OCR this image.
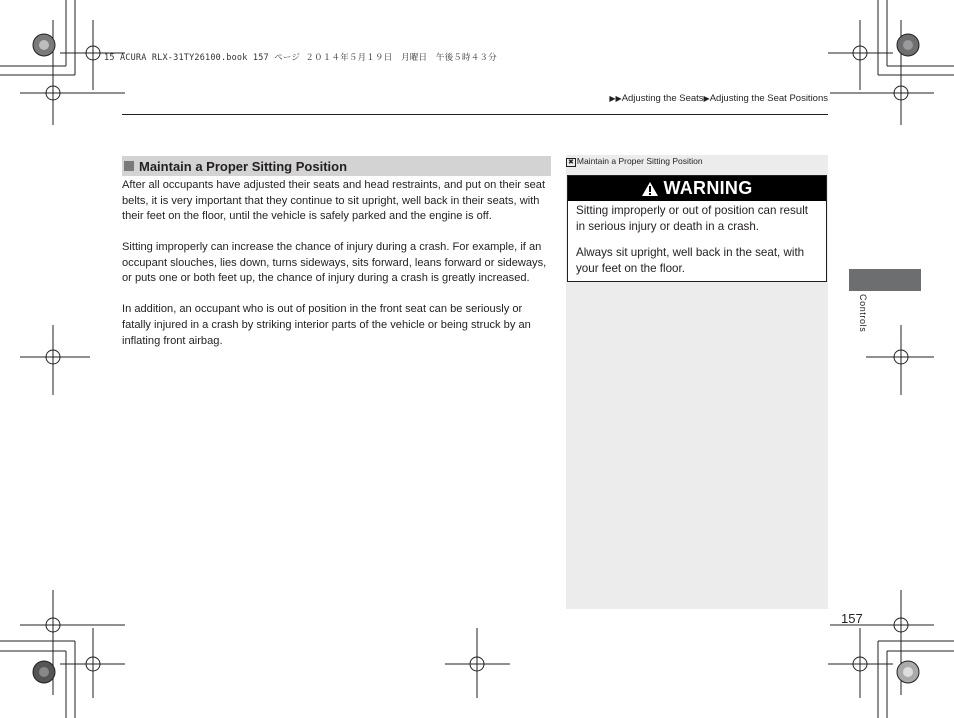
15 ACURA RLX-31TY26100.book 157 ページ ２０１４年５月１９日　月曜日　午後５時４３分
▶▶Adjusting the Seats▶Adjusting the Seat Positions
Maintain a Proper Sitting Position

After all occupants have adjusted their seats and head restraints, and put on their seat belts, it is very important that they continue to sit upright, well back in their seats, with their feet on the floor, until the vehicle is safely parked and the engine is off.

Sitting improperly can increase the chance of injury during a crash. For example, if an occupant slouches, lies down, turns sideways, sits forward, leans forward or sideways, or puts one or both feet up, the chance of injury during a crash is greatly increased.

In addition, an occupant who is out of position in the front seat can be seriously or fatally injured in a crash by striking interior parts of the vehicle or being struck by an inflating front airbag.

✖ Maintain a Proper Sitting Position
WARNING

Sitting improperly or out of position can result in serious injury or death in a crash.

Always sit upright, well back in the seat, with your feet on the floor.

Controls
157
